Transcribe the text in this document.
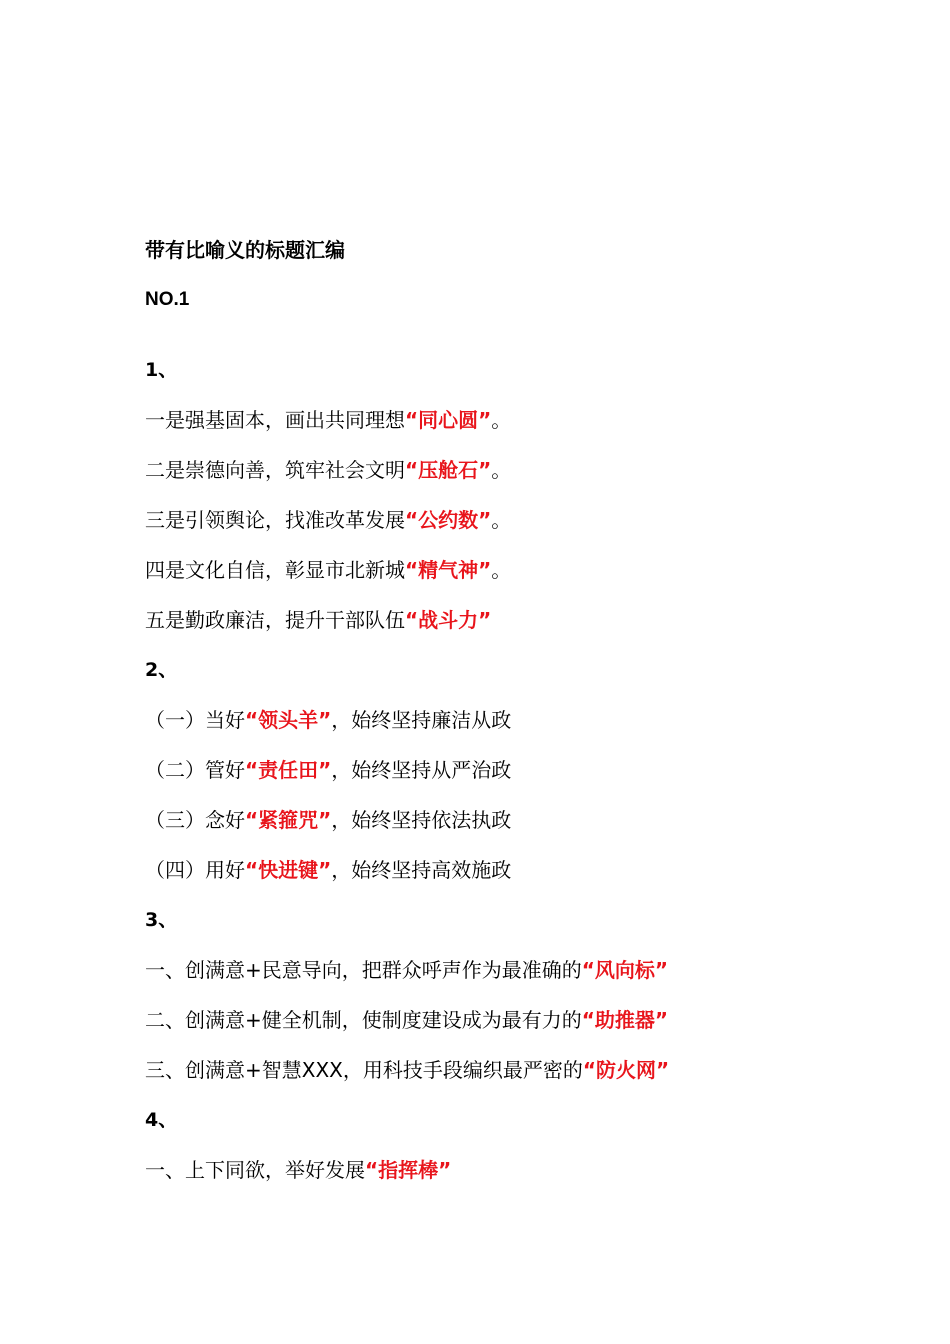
带有比喻义的标题汇编
NO.1
1、
一是强基固本，画出共同理想“同心圆”。
二是崇德向善，筑牢社会文明“压舱石”。
三是引领舆论，找准改革发展“公约数”。
四是文化自信，彰显市北新城“精气神”。
五是勤政廉洁，提升干部队伍“战斗力”
2、
（一）当好“领头羊”，始终坚持廉洁从政
（二）管好“责任田”，始终坚持从严治政
（三）念好“紧箍咒”，始终坚持依法执政
（四）用好“快进键”，始终坚持高效施政
3、
一、创满意+民意导向，把群众呼声作为最准确的“风向标”
二、创满意+健全机制，使制度建设成为最有力的“助推器”
三、创满意+智慧XXX，用科技手段编织最严密的“防火网”
4、
一、上下同欲，举好发展“指挥棒”
